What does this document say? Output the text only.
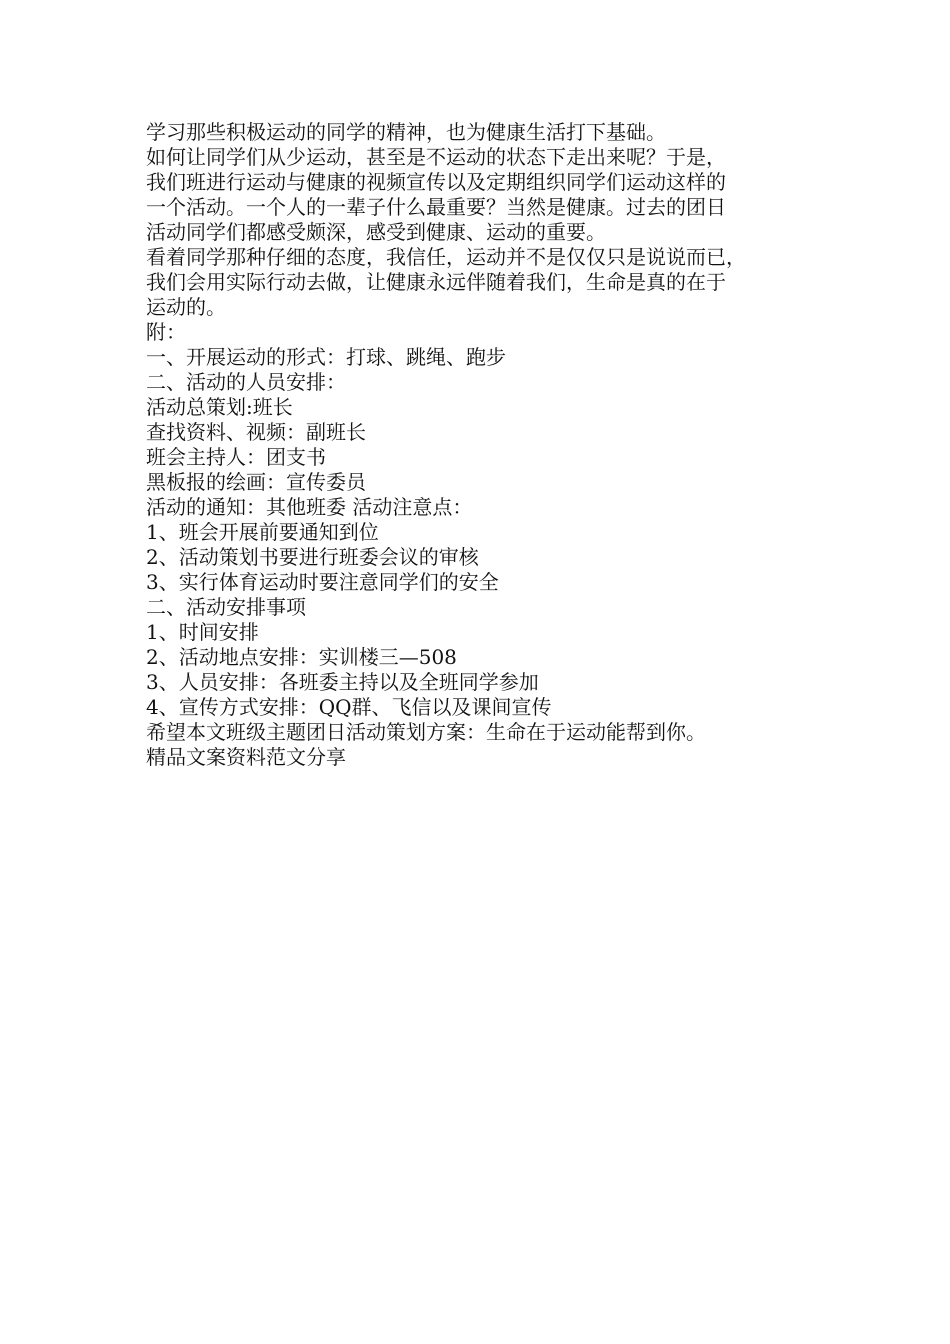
学习那些积极运动的同学的精神，也为健康生活打下基础。
如何让同学们从少运动，甚至是不运动的状态下走出来呢？于是，
我们班进行运动与健康的视频宣传以及定期组织同学们运动这样的
一个活动。一个人的一辈子什么最重要？当然是健康。过去的团日
活动同学们都感受颇深，感受到健康、运动的重要。
看着同学那种仔细的态度，我信任，运动并不是仅仅只是说说而已，
我们会用实际行动去做，让健康永远伴随着我们，生命是真的在于
运动的。
附：
一、开展运动的形式：打球、跳绳、跑步
二、活动的人员安排：
活动总策划:班长
查找资料、视频：副班长
班会主持人：团支书
黑板报的绘画：宣传委员
活动的通知：其他班委 活动注意点：
1、班会开展前要通知到位
2、活动策划书要进行班委会议的审核
3、实行体育运动时要注意同学们的安全
二、活动安排事项
1、时间安排
2、活动地点安排：实训楼三—508
3、人员安排：各班委主持以及全班同学参加
4、宣传方式安排：QQ群、飞信以及课间宣传
希望本文班级主题团日活动策划方案：生命在于运动能帮到你。
精品文案资料范文分享
